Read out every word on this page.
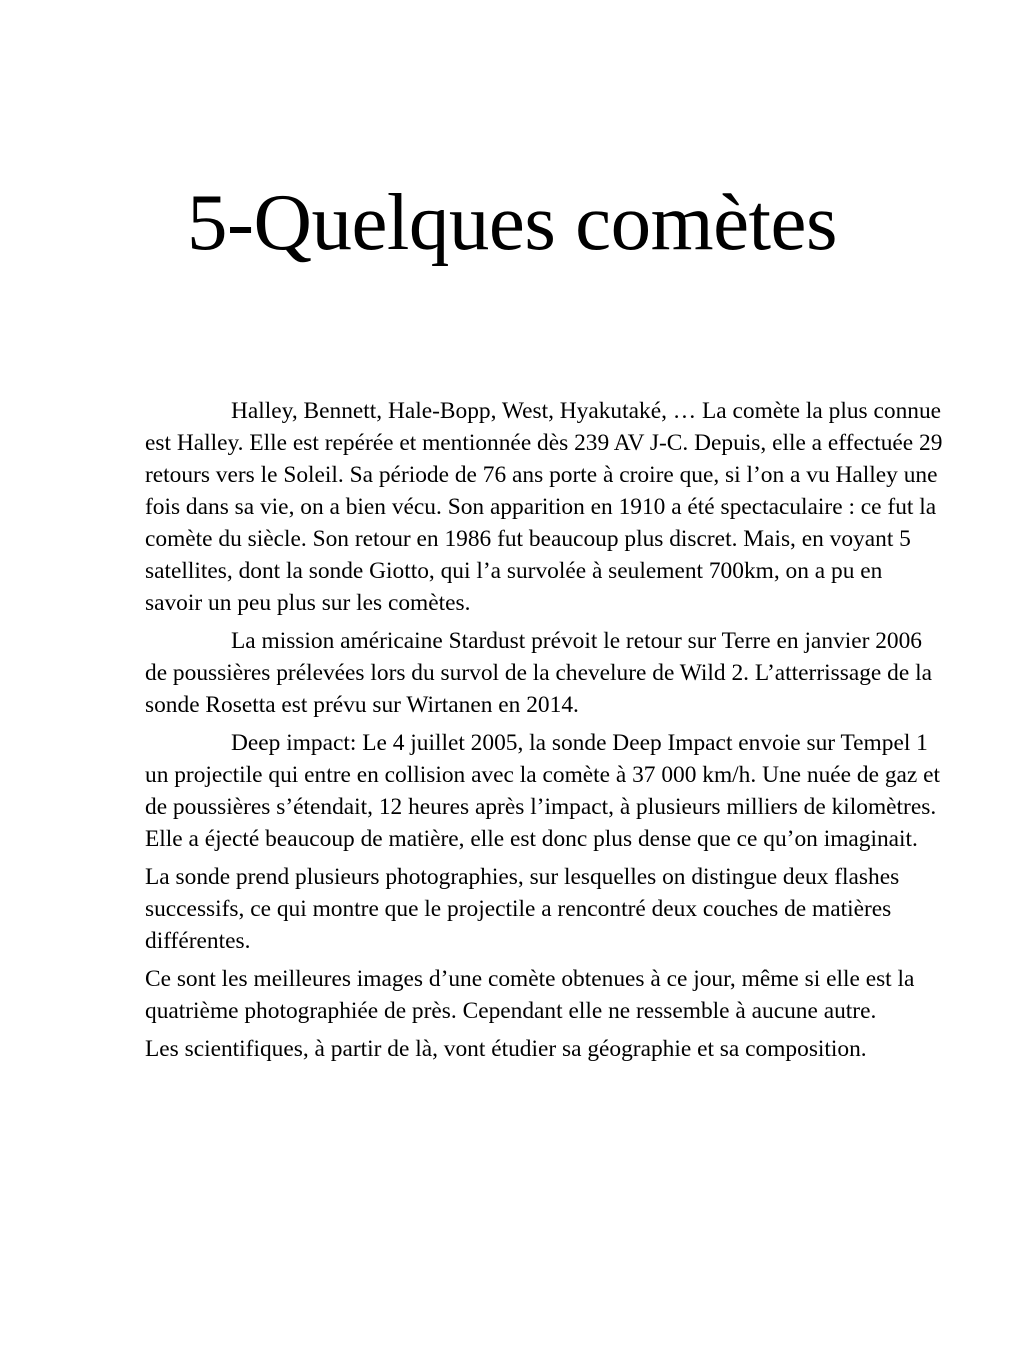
5-Quelques comètes

Halley, Bennett, Hale-Bopp, West, Hyakutaké, … La comète la plus connue est Halley. Elle est repérée et mentionnée dès 239 AV J-C. Depuis, elle a effectuée 29 retours vers le Soleil. Sa période de 76 ans porte à croire que, si l’on a vu Halley une fois dans sa vie, on a bien vécu. Son apparition en 1910 a été spectaculaire : ce fut la comète du siècle. Son retour en 1986 fut beaucoup plus discret. Mais, en voyant 5 satellites, dont la sonde Giotto, qui l’a survolée à seulement 700km, on a pu en savoir un peu plus sur les comètes.

La mission américaine Stardust prévoit le retour sur Terre en janvier 2006 de poussières prélevées lors du survol de la chevelure de Wild 2. L’atterrissage de la sonde Rosetta est prévu sur Wirtanen en 2014.

Deep impact: Le 4 juillet 2005, la sonde Deep Impact envoie sur Tempel 1 un projectile qui entre en collision avec la comète à 37 000 km/h. Une nuée de gaz et de poussières s’étendait, 12 heures après l’impact, à plusieurs milliers de kilomètres. Elle a éjecté beaucoup de matière, elle est donc plus dense que ce qu’on imaginait.

La sonde prend plusieurs photographies, sur lesquelles on distingue deux flashes successifs, ce qui montre que le projectile a rencontré deux couches de matières différentes.

Ce sont les meilleures images d’une comète obtenues à ce jour, même si elle est la quatrième photographiée de près. Cependant elle ne ressemble à aucune autre.

Les scientifiques, à partir de là, vont étudier sa géographie et sa composition.
